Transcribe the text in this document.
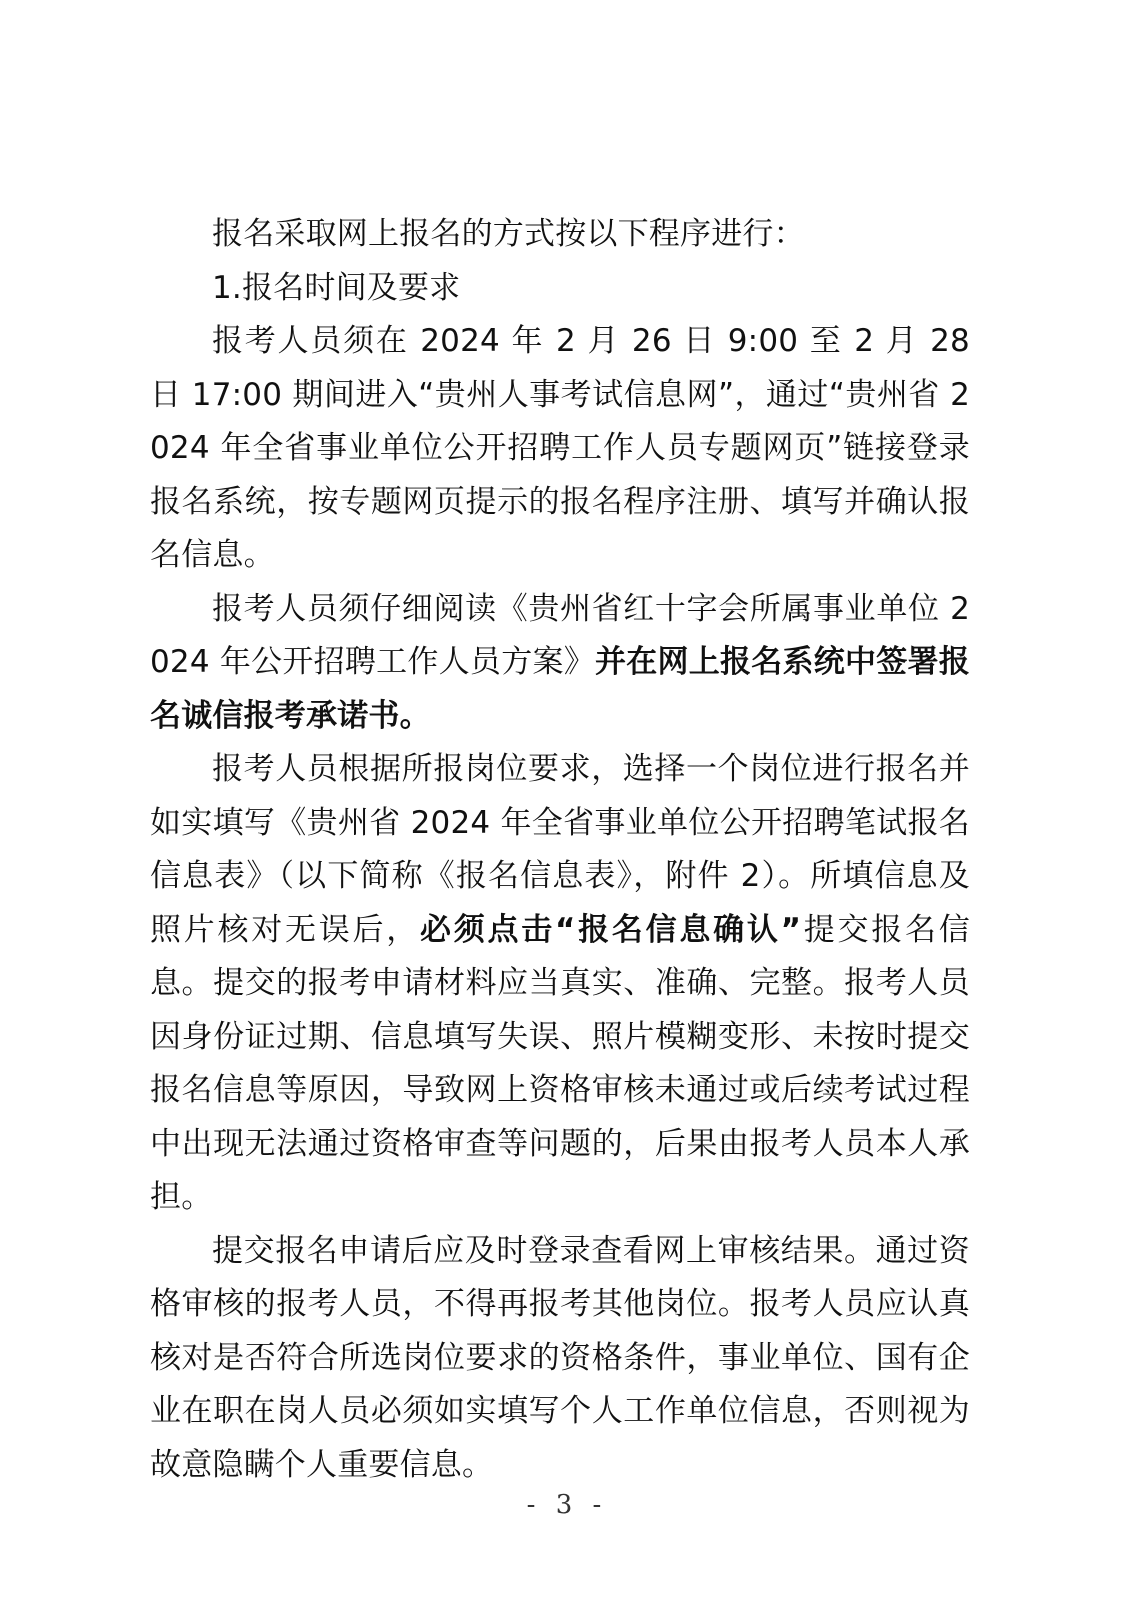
报名采取网上报名的方式按以下程序进行：

1.报名时间及要求

报考人员须在 2024 年 2 月 26 日 9:00 至 2 月 28 日 17:00 期间进入“贵州人事考试信息网”，通过“贵州省 2024 年全省事业单位公开招聘工作人员专题网页”链接登录报名系统，按专题网页提示的报名程序注册、填写并确认报名信息。

报考人员须仔细阅读《贵州省红十字会所属事业单位 2024 年公开招聘工作人员方案》并在网上报名系统中签署报名诚信报考承诺书。

报考人员根据所报岗位要求，选择一个岗位进行报名并如实填写《贵州省 2024 年全省事业单位公开招聘笔试报名信息表》（以下简称《报名信息表》，附件 2）。所填信息及照片核对无误后，必须点击“报名信息确认”提交报名信息。提交的报考申请材料应当真实、准确、完整。报考人员因身份证过期、信息填写失误、照片模糊变形、未按时提交报名信息等原因，导致网上资格审核未通过或后续考试过程中出现无法通过资格审查等问题的，后果由报考人员本人承担。

提交报名申请后应及时登录查看网上审核结果。通过资格审核的报考人员，不得再报考其他岗位。报考人员应认真核对是否符合所选岗位要求的资格条件，事业单位、国有企业在职在岗人员必须如实填写个人工作单位信息，否则视为故意隐瞒个人重要信息。

- 3 -
